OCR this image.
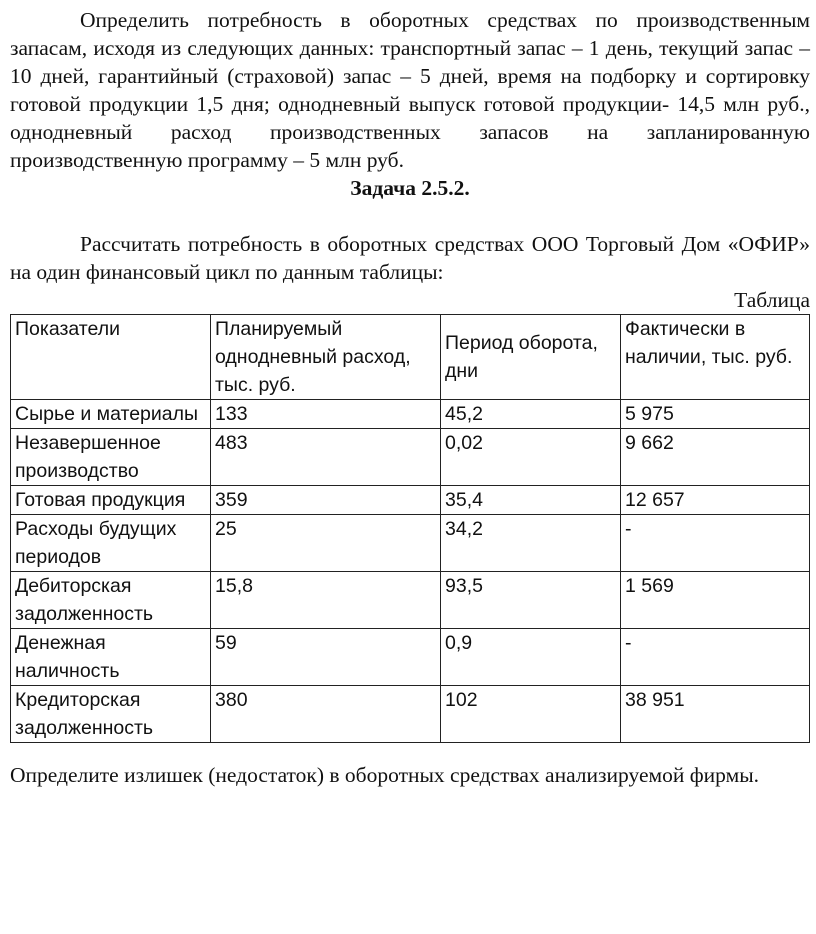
Определить потребность в оборотных средствах по производственным запасам, исходя из следующих данных: транспортный запас – 1 день, текущий запас – 10 дней, гарантийный (страховой) запас – 5 дней, время на подборку и сортировку готовой продукции 1,5 дня; однодневный выпуск готовой продукции- 14,5 млн руб., однодневный расход производственных запасов на запланированную производственную программу – 5 млн руб.

Задача 2.5.2.

Рассчитать потребность в оборотных средствах ООО Торговый Дом «ОФИР» на один финансовый цикл по данным таблицы:

Таблица

Показатели	Планируемый однодневный расход, тыс. руб.	Период оборота, дни	Фактически в наличии, тыс. руб.
Сырье и материалы	133	45,2	5 975
Незавершенное производство	483	0,02	9 662
Готовая продукция	359	35,4	12 657
Расходы будущих периодов	25	34,2	-
Дебиторская задолженность	15,8	93,5	1 569
Денежная наличность	59	0,9	-
Кредиторская задолженность	380	102	38 951

Определите излишек (недостаток) в оборотных средствах анализируемой фирмы.
